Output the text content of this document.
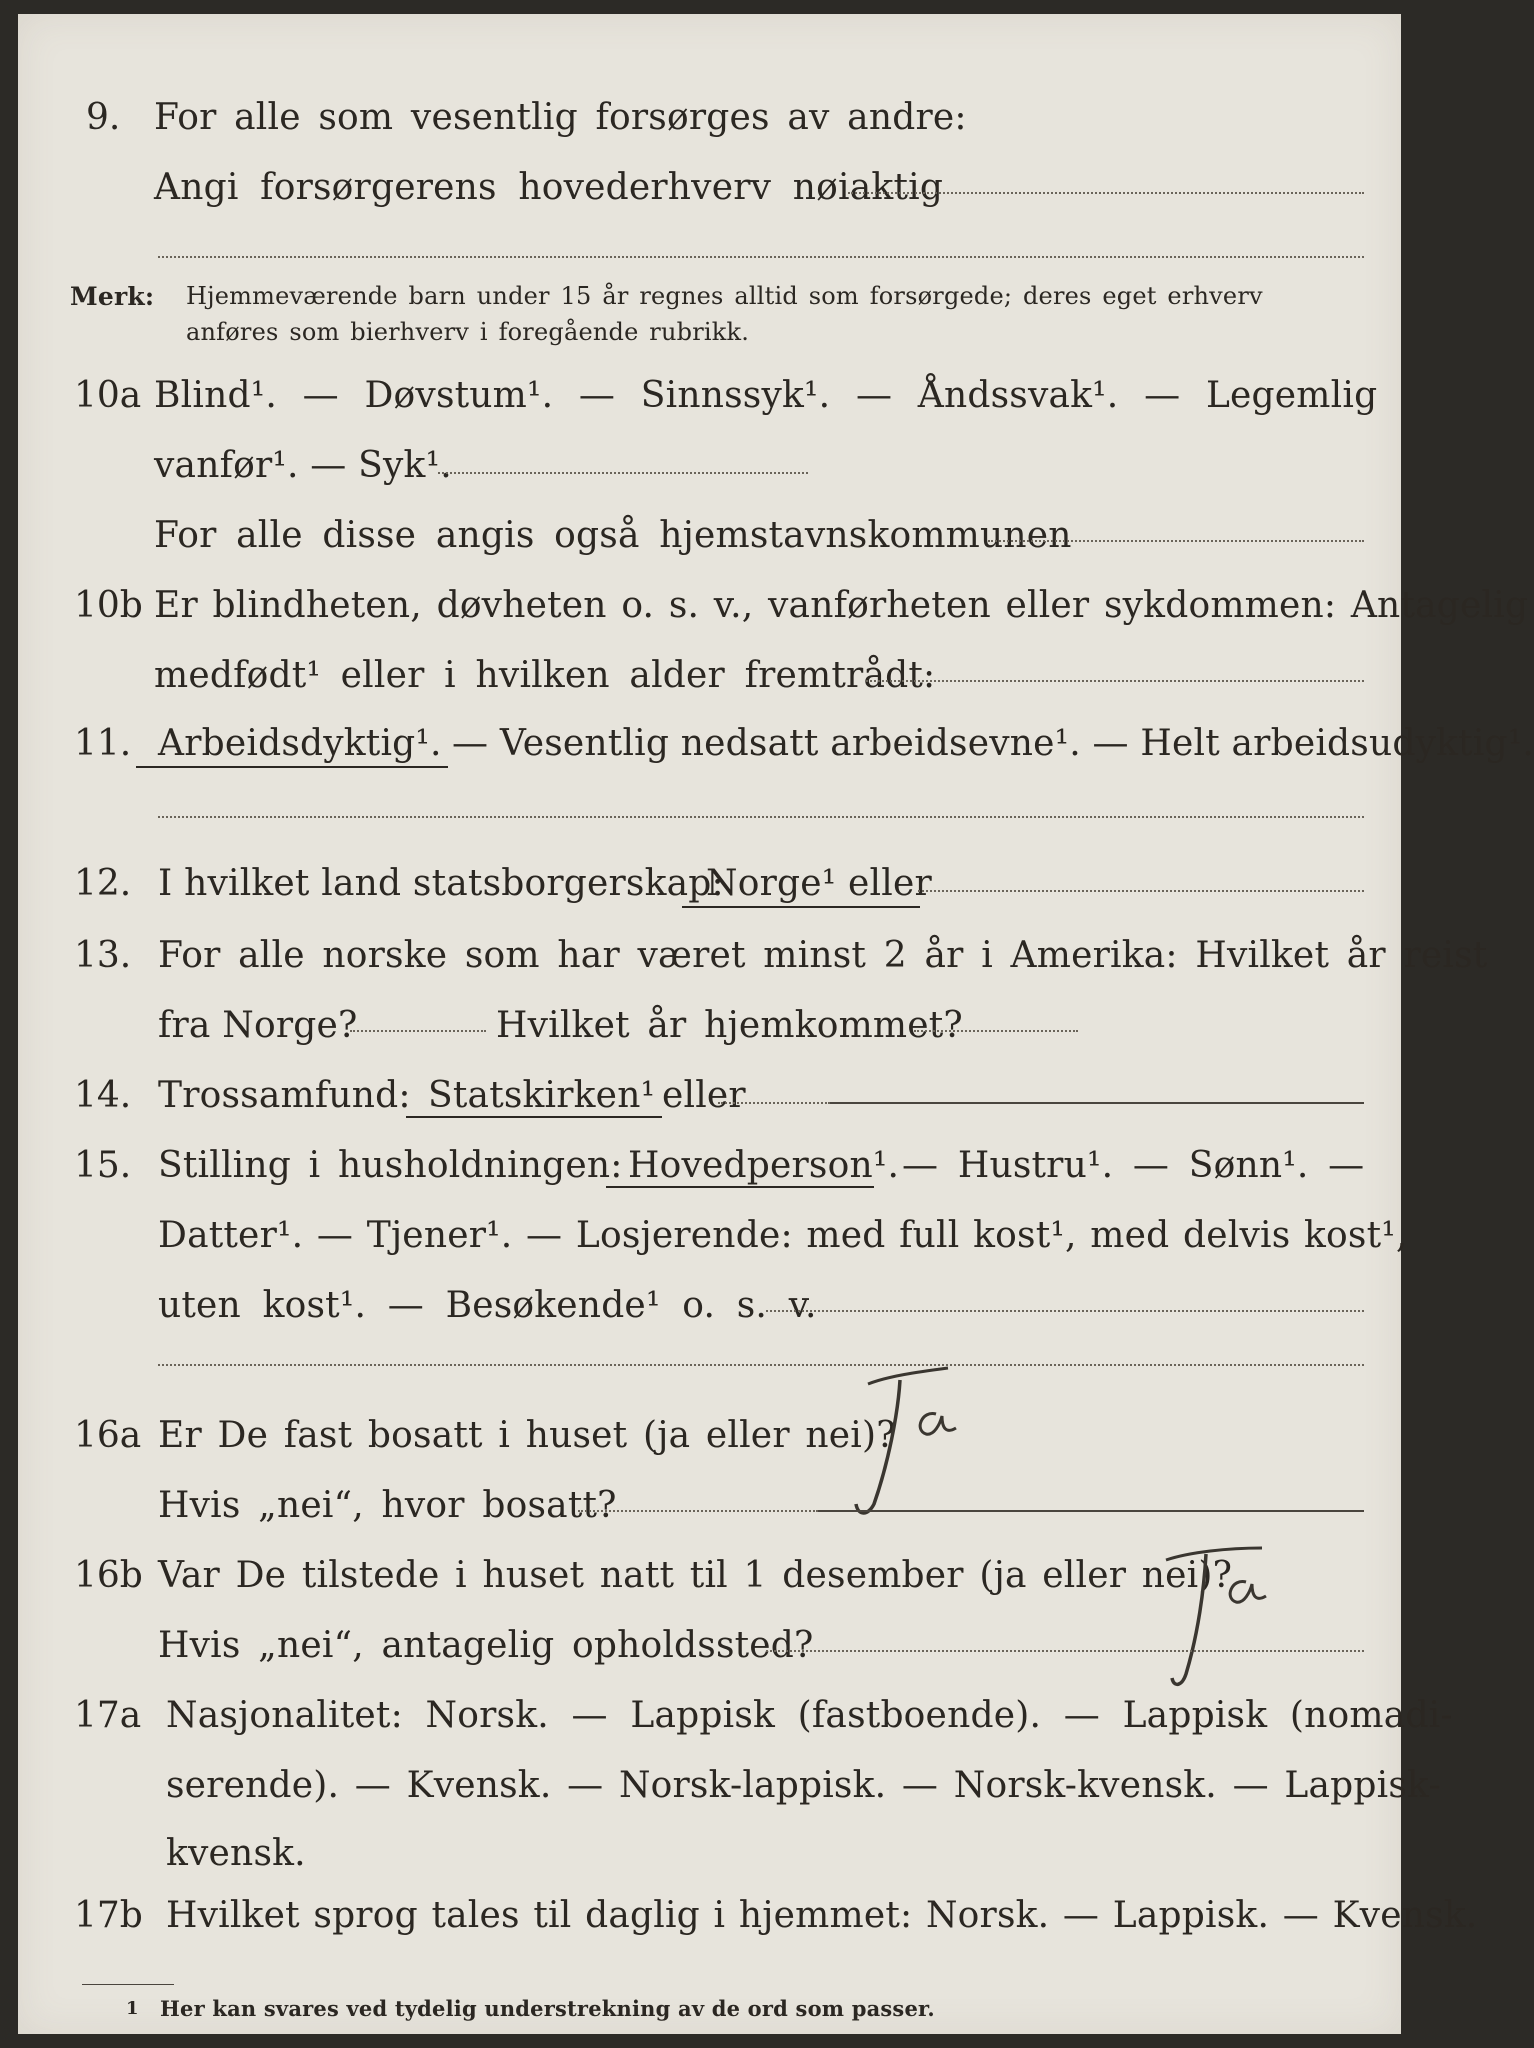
9. For alle som vesentlig forsørges av andre:
Angi forsørgerens hovederhverv nøiaktig
Merk: Hjemmeværende barn under 15 år regnes alltid som forsørgede; deres eget erhverv
anføres som bierhverv i foregående rubrikk.
10a Blind¹. — Døvstum¹. — Sinnssyk¹. — Åndssvak¹. — Legemlig
vanfør¹. — Syk¹.
For alle disse angis også hjemstavnskommunen
10b Er blindheten, døvheten o. s. v., vanførheten eller sykdommen: Antagelig
medfødt¹ eller i hvilken alder fremtrådt:
11. Arbeidsdyktig¹. — Vesentlig nedsatt arbeidsevne¹. — Helt arbeidsudyktig¹.
12. I hvilket land statsborgerskap:
Norge¹ eller
13. For alle norske som har været minst 2 år i Amerika: Hvilket år reist
fra Norge?	Hvilket år hjemkommet?
14. Trossamfund: Statskirken¹ eller
15. Stilling i husholdningen: Hovedperson¹. — Hustru¹. — Sønn¹. —
Datter¹. — Tjener¹. — Losjerende: med full kost¹, med delvis kost¹,
uten kost¹. — Besøkende¹ o. s. v.
16a Er De fast bosatt i huset (ja eller nei)?
Hvis „nei“, hvor bosatt?
16b Var De tilstede i huset natt til 1 desember (ja eller nei)?
Hvis „nei“, antagelig opholdssted?
17a Nasjonalitet: Norsk. — Lappisk (fastboende). — Lappisk (nomadi-
serende). — Kvensk. — Norsk-lappisk. — Norsk-kvensk. — Lappisk-
kvensk.
17b Hvilket sprog tales til daglig i hjemmet: Norsk. — Lappisk. — Kvensk.
1 Her kan svares ved tydelig understrekning av de ord som passer.
